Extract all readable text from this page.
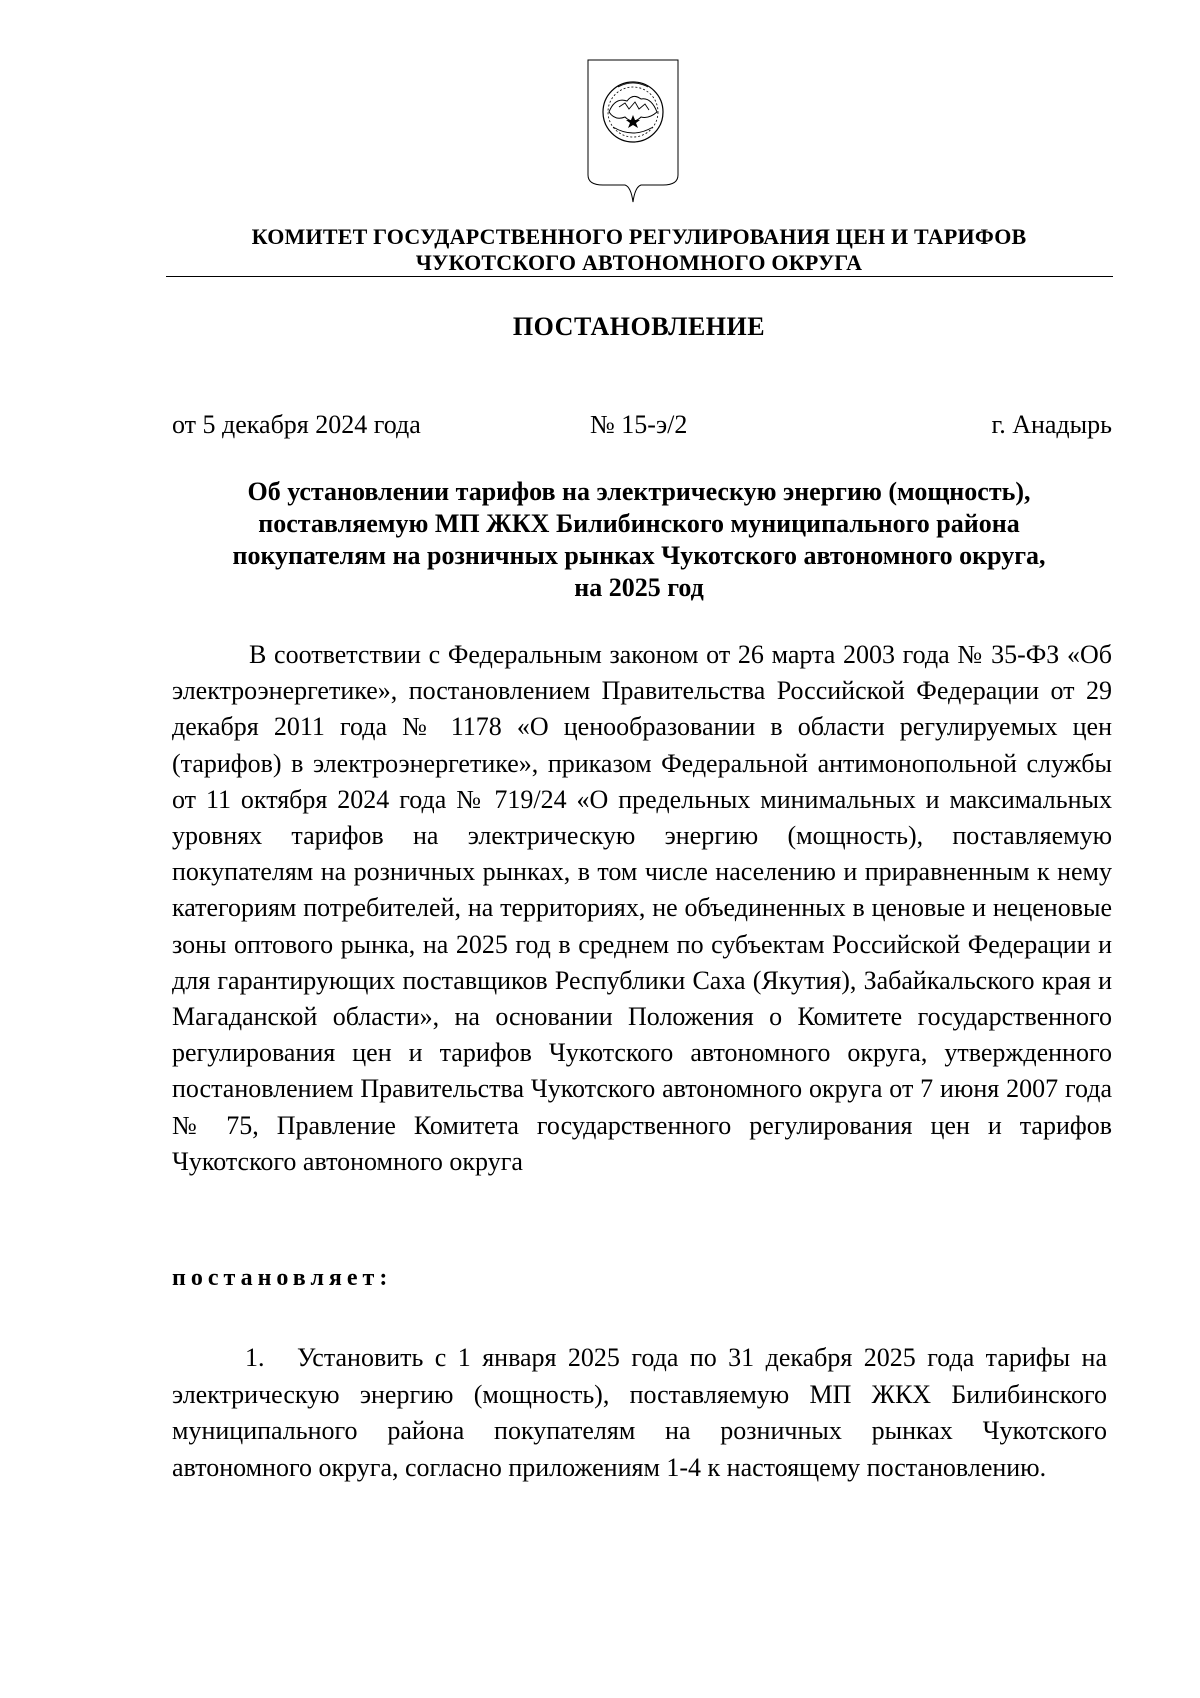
КОМИТЕТ ГОСУДАРСТВЕННОГО РЕГУЛИРОВАНИЯ ЦЕН И ТАРИФОВ
ЧУКОТСКОГО АВТОНОМНОГО ОКРУГА
ПОСТАНОВЛЕНИЕ
от 5 декабря 2024 года	№ 15-э/2	г. Анадырь
Об установлении тарифов на электрическую энергию (мощность),
поставляемую МП ЖКХ Билибинского муниципального района
покупателям на розничных рынках Чукотского автономного округа,
на 2025 год
В соответствии с Федеральным законом от 26 марта 2003 года № 35-ФЗ «Об электроэнергетике», постановлением Правительства Российской Федерации от 29 декабря 2011 года № 1178 «О ценообразовании в области регулируемых цен (тарифов) в электроэнергетике», приказом Федеральной антимонопольной службы от 11 октября 2024 года № 719/24 «О предельных минимальных и максимальных уровнях тарифов на электрическую энергию (мощность), поставляемую покупателям на розничных рынках, в том числе населению и приравненным к нему категориям потребителей, на территориях, не объединенных в ценовые и неценовые зоны оптового рынка, на 2025 год в среднем по субъектам Российской Федерации и для гарантирующих поставщиков Республики Саха (Якутия), Забайкальского края и Магаданской области», на основании Положения о Комитете государственного регулирования цен и тарифов Чукотского автономного округа, утвержденного постановлением Правительства Чукотского автономного округа от 7 июня 2007 года № 75, Правление Комитета государственного регулирования цен и тарифов Чукотского автономного округа
постановляет:
1. Установить с 1 января 2025 года по 31 декабря 2025 года тарифы на электрическую энергию (мощность), поставляемую МП ЖКХ Билибинского муниципального района покупателям на розничных рынках Чукотского автономного округа, согласно приложениям 1-4 к настоящему постановлению.
